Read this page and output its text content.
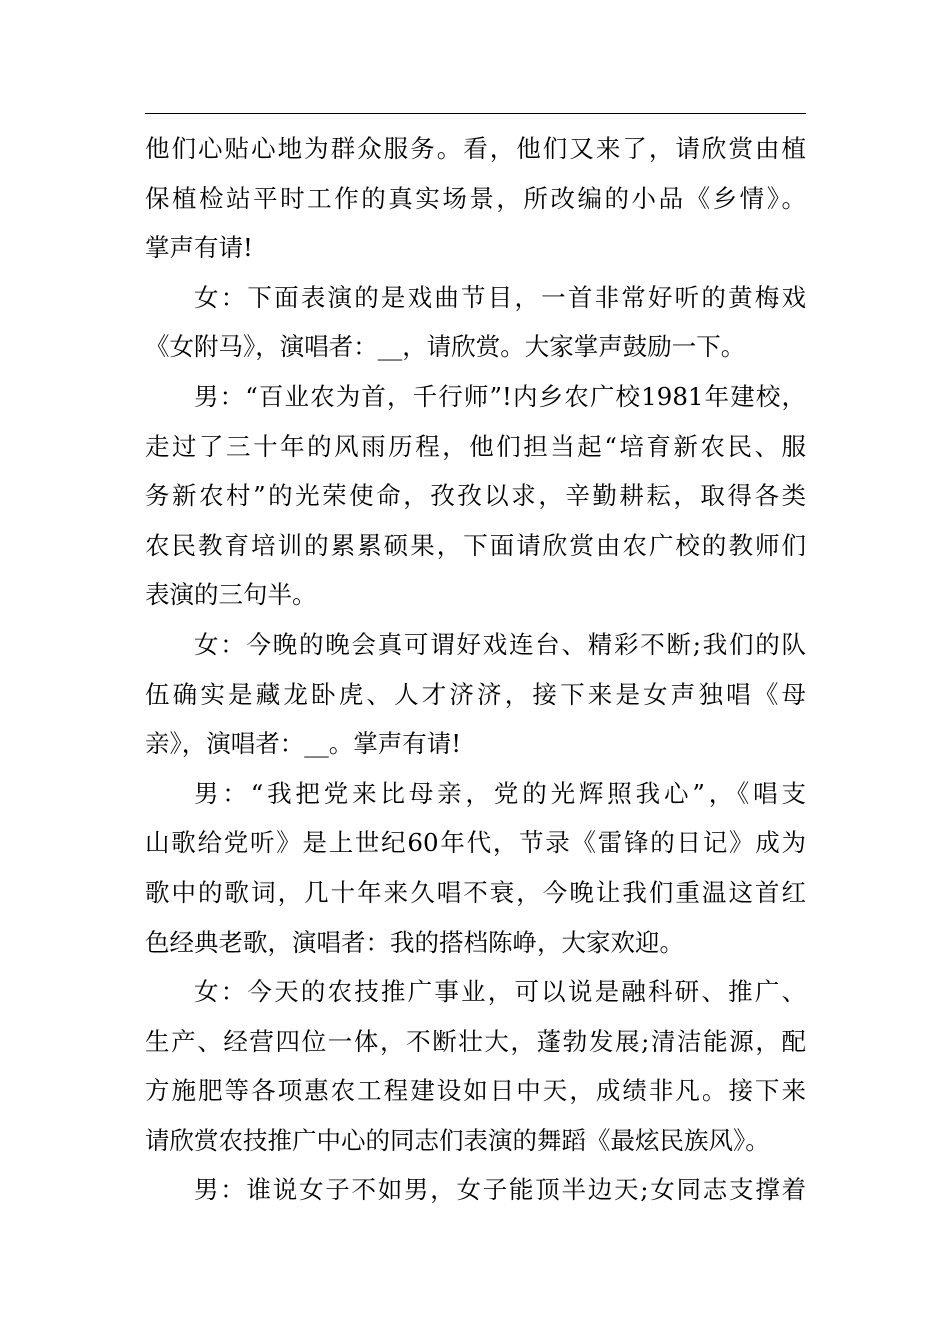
他们心贴心地为群众服务。看，他们又来了，请欣赏由植
保植检站平时工作的真实场景，所改编的小品《乡情》。
掌声有请!
女：下面表演的是戏曲节目，一首非常好听的黄梅戏
《女附马》，演唱者：__，请欣赏。大家掌声鼓励一下。
男：“百业农为首，千行师”!内乡农广校1981年建校，
走过了三十年的风雨历程，他们担当起“培育新农民、服
务新农村”的光荣使命，孜孜以求，辛勤耕耘，取得各类
农民教育培训的累累硕果，下面请欣赏由农广校的教师们
表演的三句半。
女：今晚的晚会真可谓好戏连台、精彩不断;我们的队
伍确实是藏龙卧虎、人才济济，接下来是女声独唱《母
亲》，演唱者：__。掌声有请!
男：“我把党来比母亲，党的光辉照我心”，《唱支
山歌给党听》是上世纪60年代，节录《雷锋的日记》成为
歌中的歌词，几十年来久唱不衰，今晚让我们重温这首红
色经典老歌，演唱者：我的搭档陈峥，大家欢迎。
女：今天的农技推广事业，可以说是融科研、推广、
生产、经营四位一体，不断壮大，蓬勃发展;清洁能源，配
方施肥等各项惠农工程建设如日中天，成绩非凡。接下来
请欣赏农技推广中心的同志们表演的舞蹈《最炫民族风》。
男：谁说女子不如男，女子能顶半边天;女同志支撑着
